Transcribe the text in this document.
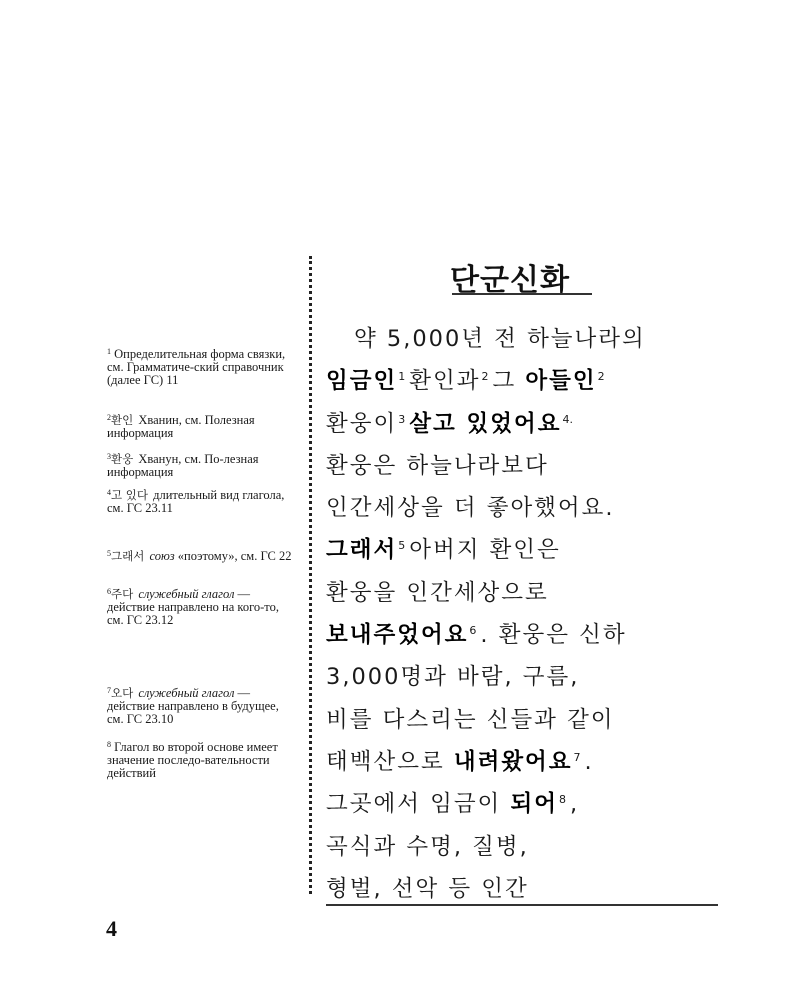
$^1$ Определительная форма связки, см. Грамматиче-ский справочник (далее ГС) 11
$^2$환인 Хванин, см. Полезная информация
$^3$환웅 Хванун, см. По-лезная информация
$^4$고 있다 длительный вид глагола, см. ГС 23.11
$^5$그래서 союз «поэтому», см. ГС 22
$^6$주다 служебный глагол — действие направлено на кого-то, см. ГС 23.12
$^7$오다 служебный глагол — действие направлено в будущее, см. ГС 23.10
$^8$ Глагол во второй основе имеет значение последо-вательности действий
단군신화
약 5,000년 전 하늘나라의
임금인$^1$ 환인과$^2$ 그 아들인$^2$
환웅이$^3$ 살고 있었어요$^{4.}$
환웅은 하늘나라보다
인간세상을 더 좋아했어요.
그래서$^5$ 아버지 환인은
환웅을 인간세상으로
보내주었어요$^6$ . 환웅은 신하
3,000명과 바람, 구름,
비를 다스리는 신들과 같이
태백산으로 내려왔어요$^7$ .
그곳에서 임금이 되어$^8$ ,
곡식과 수명, 질병,
형벌, 선악 등 인간
4
